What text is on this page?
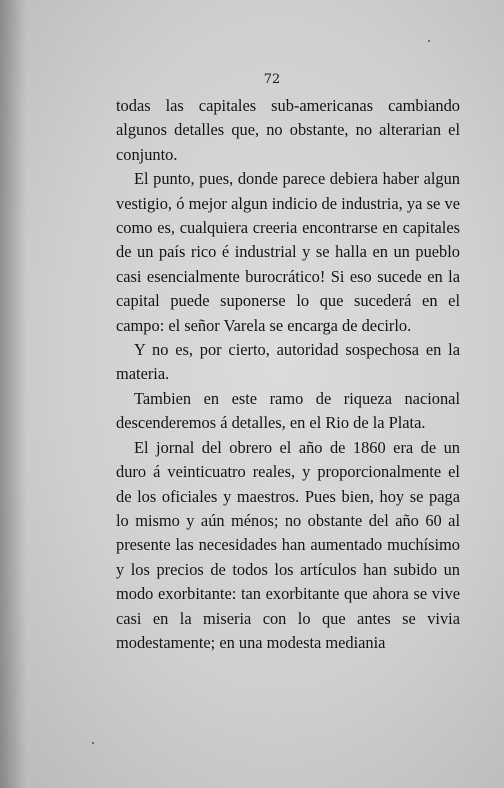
72

todas las capitales sub-americanas cambiando algunos detalles que, no obstante, no alterarian el conjunto.

El punto, pues, donde parece debiera haber algun vestigio, ó mejor algun indicio de industria, ya se ve como es, cualquiera creeria encontrarse en capitales de un país rico é industrial y se halla en un pueblo casi esencialmente burocrático! Si eso sucede en la capital puede suponerse lo que sucederá en el campo: el señor Varela se encarga de decirlo.

Y no es, por cierto, autoridad sospechosa en la materia.

Tambien en este ramo de riqueza nacional descenderemos á detalles, en el Rio de la Plata.

El jornal del obrero el año de 1860 era de un duro á veinticuatro reales, y proporcionalmente el de los oficiales y maestros. Pues bien, hoy se paga lo mismo y aún ménos; no obstante del año 60 al presente las necesidades han aumentado muchísimo y los precios de todos los artículos han subido un modo exorbitante: tan exorbitante que ahora se vive casi en la miseria con lo que antes se vivia modestamente; en una modesta mediania
